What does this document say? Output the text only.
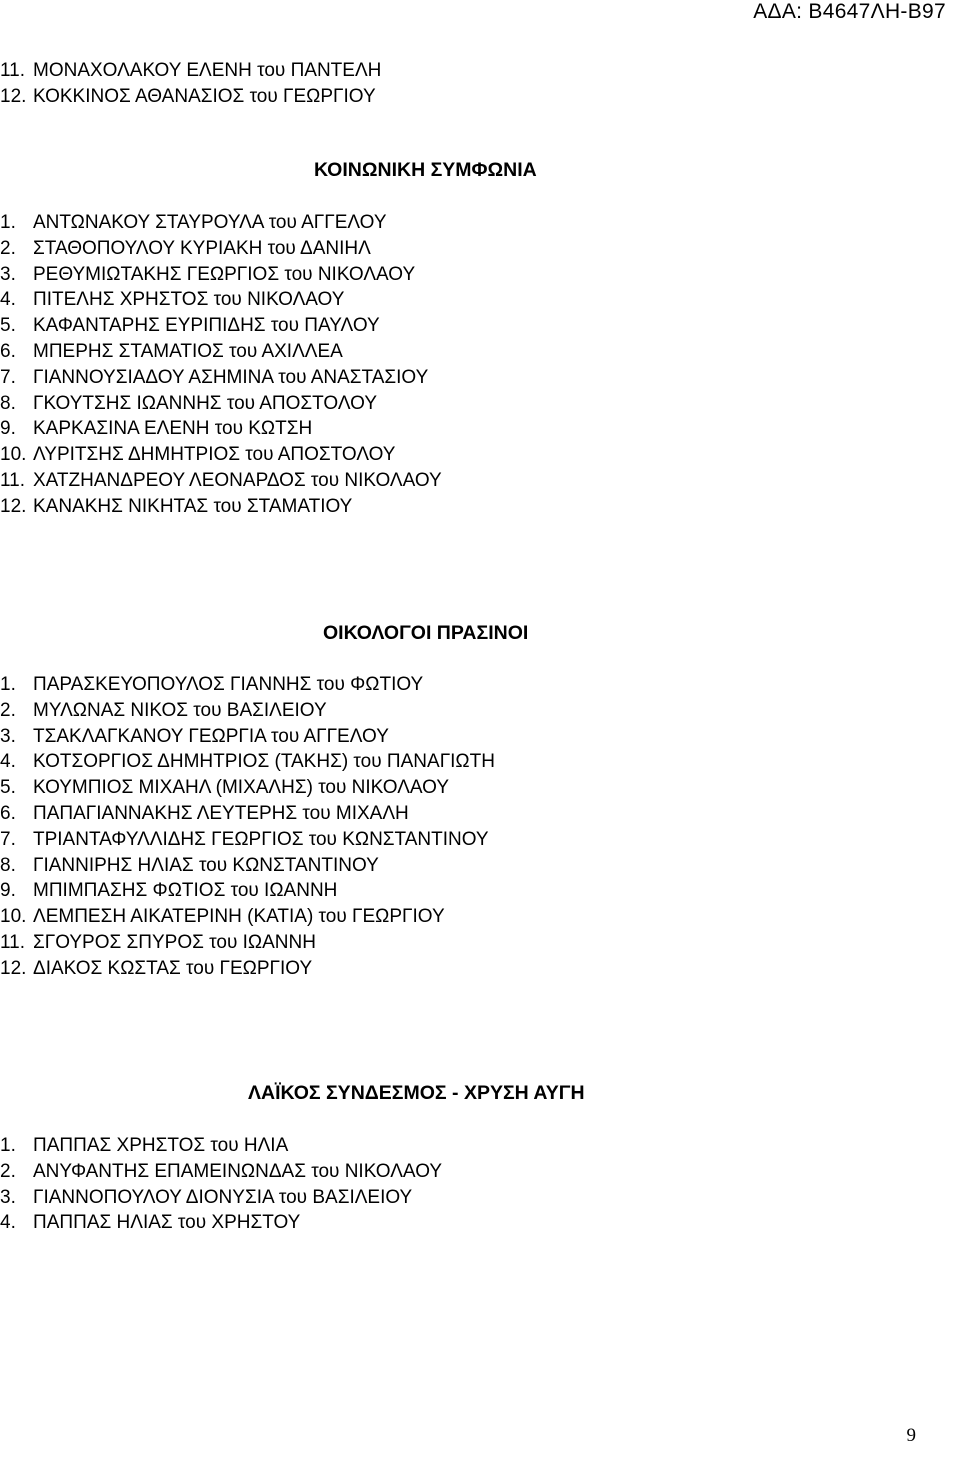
ΑΔΑ: Β4647ΛΗ-Β97
11. ΜΟΝΑΧΟΛΑΚΟΥ ΕΛΕΝΗ του ΠΑΝΤΕΛΗ
12. ΚΟΚΚΙΝΟΣ ΑΘΑΝΑΣΙΟΣ του ΓΕΩΡΓΙΟΥ
ΚΟΙΝΩΝΙΚΗ ΣΥΜΦΩΝΙΑ
1. ΑΝΤΩΝΑΚΟΥ ΣΤΑΥΡΟΥΛΑ του ΑΓΓΕΛΟΥ
2. ΣΤΑΘΟΠΟΥΛΟΥ ΚΥΡΙΑΚΗ του ΔΑΝΙΗΛ
3. ΡΕΘΥΜΙΩΤΑΚΗΣ ΓΕΩΡΓΙΟΣ του ΝΙΚΟΛΑΟΥ
4. ΠΙΤΕΛΗΣ ΧΡΗΣΤΟΣ του ΝΙΚΟΛΑΟΥ
5. ΚΑΦΑΝΤΑΡΗΣ ΕΥΡΙΠΙΔΗΣ του ΠΑΥΛΟΥ
6. ΜΠΕΡΗΣ ΣΤΑΜΑΤΙΟΣ του ΑΧΙΛΛΕΑ
7. ΓΙΑΝΝΟΥΣΙΑΔΟΥ ΑΣΗΜΙΝΑ του ΑΝΑΣΤΑΣΙΟΥ
8. ΓΚΟΥΤΣΗΣ ΙΩΑΝΝΗΣ του ΑΠΟΣΤΟΛΟΥ
9. ΚΑΡΚΑΣΙΝΑ ΕΛΕΝΗ του ΚΩΤΣΗ
10. ΛΥΡΙΤΣΗΣ ΔΗΜΗΤΡΙΟΣ του ΑΠΟΣΤΟΛΟΥ
11. ΧΑΤΖΗΑΝΔΡΕΟΥ ΛΕΟΝΑΡΔΟΣ του ΝΙΚΟΛΑΟΥ
12. ΚΑΝΑΚΗΣ ΝΙΚΗΤΑΣ του ΣΤΑΜΑΤΙΟΥ
ΟΙΚΟΛΟΓΟΙ ΠΡΑΣΙΝΟΙ
1. ΠΑΡΑΣΚΕΥΟΠΟΥΛΟΣ ΓΙΑΝΝΗΣ του ΦΩΤΙΟΥ
2. ΜΥΛΩΝΑΣ ΝΙΚΟΣ του ΒΑΣΙΛΕΙΟΥ
3. ΤΣΑΚΛΑΓΚΑΝΟΥ ΓΕΩΡΓΙΑ του ΑΓΓΕΛΟΥ
4. ΚΟΤΣΟΡΓΙΟΣ ΔΗΜΗΤΡΙΟΣ (ΤΑΚΗΣ) του ΠΑΝΑΓΙΩΤΗ
5. ΚΟΥΜΠΙΟΣ ΜΙΧΑΗΛ (ΜΙΧΑΛΗΣ) του ΝΙΚΟΛΑΟΥ
6. ΠΑΠΑΓΙΑΝΝΑΚΗΣ ΛΕΥΤΕΡΗΣ του ΜΙΧΑΛΗ
7. ΤΡΙΑΝΤΑΦΥΛΛΙΔΗΣ ΓΕΩΡΓΙΟΣ του ΚΩΝΣΤΑΝΤΙΝΟΥ
8. ΓΙΑΝΝΙΡΗΣ ΗΛΙΑΣ του ΚΩΝΣΤΑΝΤΙΝΟΥ
9. ΜΠΙΜΠΑΣΗΣ ΦΩΤΙΟΣ του ΙΩΑΝΝΗ
10. ΛΕΜΠΕΣΗ ΑΙΚΑΤΕΡΙΝΗ (ΚΑΤΙΑ) του ΓΕΩΡΓΙΟΥ
11. ΣΓΟΥΡΟΣ ΣΠΥΡΟΣ του ΙΩΑΝΝΗ
12. ΔΙΑΚΟΣ ΚΩΣΤΑΣ του ΓΕΩΡΓΙΟΥ
ΛΑΪΚΟΣ ΣΥΝΔΕΣΜΟΣ - ΧΡΥΣΗ ΑΥΓΗ
1. ΠΑΠΠΑΣ ΧΡΗΣΤΟΣ του ΗΛΙΑ
2. ΑΝΥΦΑΝΤΗΣ ΕΠΑΜΕΙΝΩΝΔΑΣ του ΝΙΚΟΛΑΟΥ
3. ΓΙΑΝΝΟΠΟΥΛΟΥ ΔΙΟΝΥΣΙΑ του ΒΑΣΙΛΕΙΟΥ
4. ΠΑΠΠΑΣ ΗΛΙΑΣ του ΧΡΗΣΤΟΥ
9
